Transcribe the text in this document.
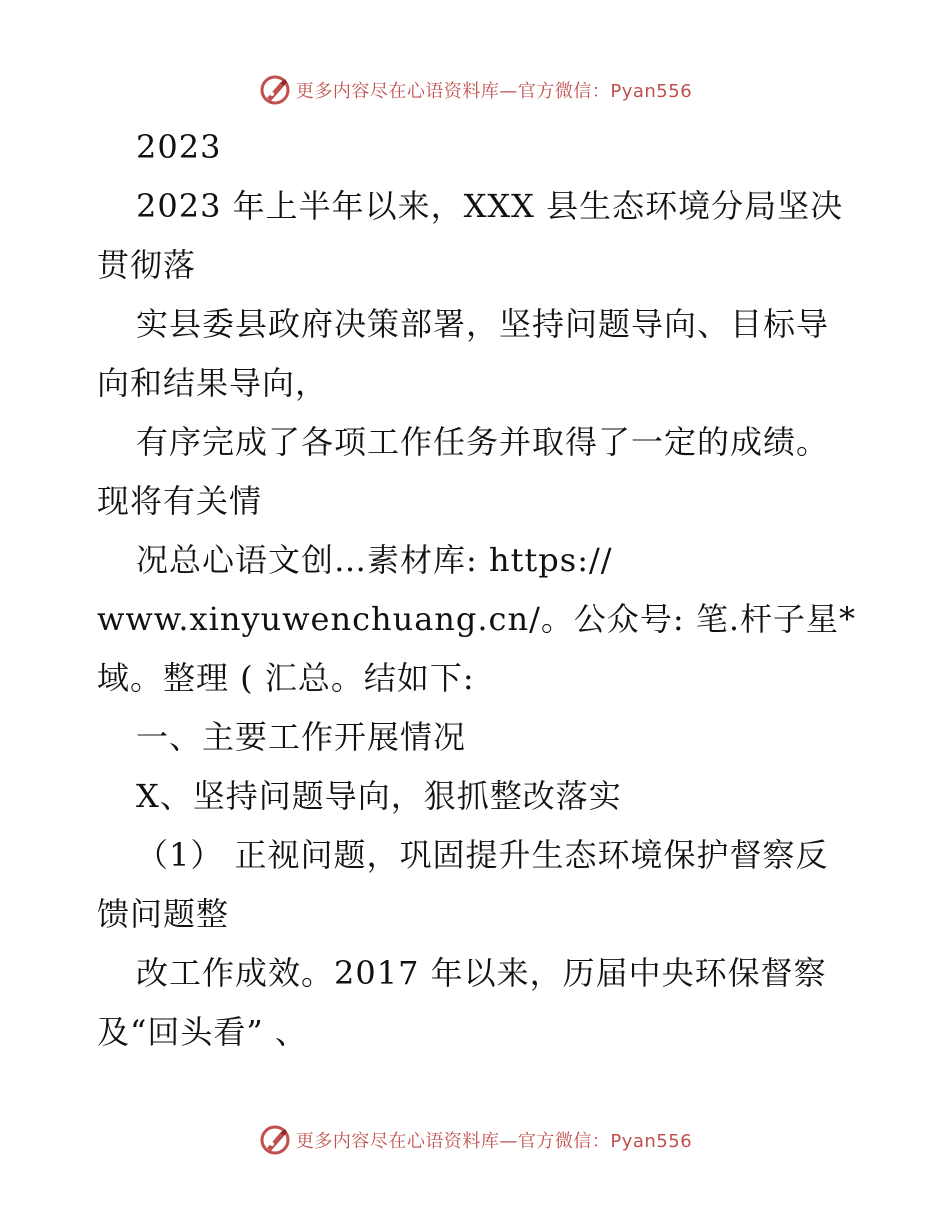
更多内容尽在心语资料库—官方微信：Pyan556
2023
2023 年上半年以来，XXX 县生态环境分局坚决
贯彻落
实县委县政府决策部署，坚持问题导向、目标导
向和结果导向，
有序完成了各项工作任务并取得了一定的成绩。
现将有关情
况总心语文创…素材库: https://
www.xinyuwenchuang.cn/。公众号: 笔.杆子星*
域。整理 ( 汇总。结如下:
一、主要工作开展情况
X、坚持问题导向，狠抓整改落实
（1） 正视问题，巩固提升生态环境保护督察反
馈问题整
改工作成效。2017 年以来，历届中央环保督察
及“回头看” 、
更多内容尽在心语资料库—官方微信：Pyan556
